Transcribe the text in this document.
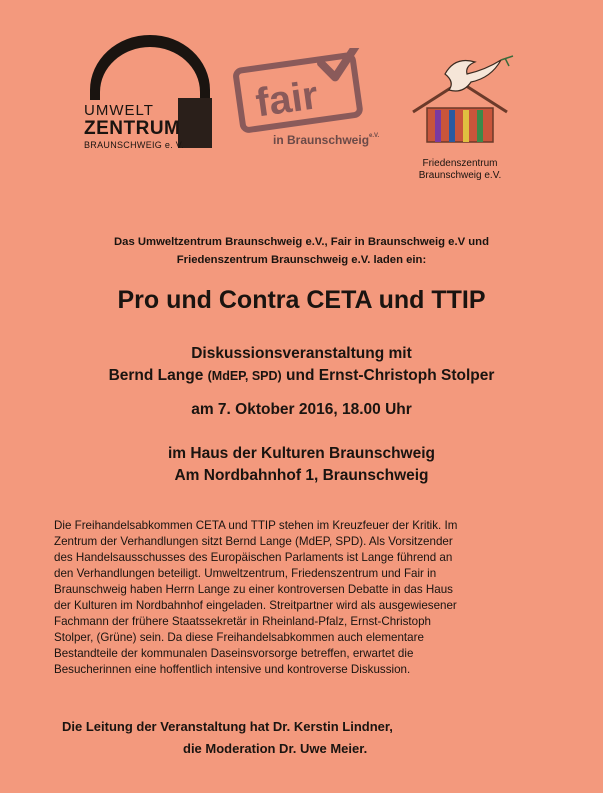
UMWELT
ZENTRUM
BRAUNSCHWEIG e. V.
fair
in Braunschweig$^{e.V.}$
Friedenszentrum
Braunschweig e.V.
Das Umweltzentrum Braunschweig e.V., Fair in Braunschweig e.V und
Friedenszentrum Braunschweig e.V. laden ein:
Pro und Contra CETA und TTIP
Diskussionsveranstaltung mit
Bernd Lange (MdEP, SPD) und Ernst-Christoph Stolper
am 7. Oktober 2016, 18.00 Uhr
im Haus der Kulturen Braunschweig
Am Nordbahnhof 1, Braunschweig
Die Freihandelsabkommen CETA und TTIP stehen im Kreuzfeuer der Kritik. Im
Zentrum der Verhandlungen sitzt Bernd Lange (MdEP, SPD). Als Vorsitzender
des Handelsausschusses des Europäischen Parlaments ist Lange führend an
den Verhandlungen beteiligt. Umweltzentrum, Friedenszentrum und Fair in
Braunschweig haben Herrn Lange zu einer kontroversen Debatte in das Haus
der Kulturen im Nordbahnhof eingeladen. Streitpartner wird als ausgewiesener
Fachmann der frühere Staatssekretär in Rheinland-Pfalz, Ernst-Christoph
Stolper, (Grüne) sein. Da diese Freihandelsabkommen auch elementare
Bestandteile der kommunalen Daseinsvorsorge betreffen, erwartet die
Besucherinnen eine hoffentlich intensive und kontroverse Diskussion.
Die Leitung der Veranstaltung hat Dr. Kerstin Lindner,
die Moderation Dr. Uwe Meier.
